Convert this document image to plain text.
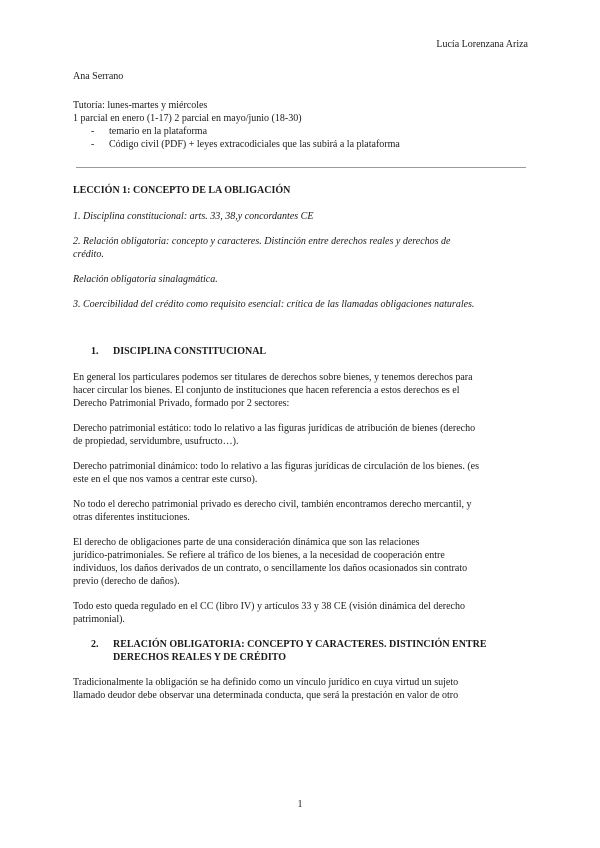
Lucía Lorenzana Ariza

Ana Serrano

Tutoría: lunes-martes y miércoles

1 parcial en enero (1-17) 2 parcial en mayo/junio (18-30)

- temario en la plataforma
- Código civil (PDF) + leyes extracodiciales que las subirá a la plataforma

LECCIÓN 1: CONCEPTO DE LA OBLIGACIÓN

1. Disciplina constitucional: arts. 33, 38,y concordantes CE

2. Relación obligatoria: concepto y caracteres. Distinción entre derechos reales y derechos de
crédito.

Relación obligatoria sinalagmática.

3. Coercibilidad del crédito como requisito esencial: crítica de las llamadas obligaciones naturales.

1.	DISCIPLINA CONSTITUCIONAL

En general los particulares podemos ser titulares de derechos sobre bienes, y tenemos derechos para
hacer circular los bienes. El conjunto de instituciones que hacen referencia a estos derechos es el
Derecho Patrimonial Privado, formado por 2 sectores:

Derecho patrimonial estático: todo lo relativo a las figuras jurídicas de atribución de bienes (derecho
de propiedad, servidumbre, usufructo…).

Derecho patrimonial dinámico: todo lo relativo a las figuras jurídicas de circulación de los bienes. (es
este en el que nos vamos a centrar este curso).

No todo el derecho patrimonial privado es derecho civil, también encontramos derecho mercantil, y
otras diferentes instituciones.

El derecho de obligaciones parte de una consideración dinámica que son las relaciones
jurídico-patrimoniales. Se refiere al tráfico de los bienes, a la necesidad de cooperación entre
individuos, los daños derivados de un contrato, o sencillamente los daños ocasionados sin contrato
previo (derecho de daños).

Todo esto queda regulado en el CC (libro IV) y artículos 33 y 38 CE (visión dinámica del derecho
patrimonial).

2.	RELACIÓN OBLIGATORIA: CONCEPTO Y CARACTERES. DISTINCIÓN ENTRE
DERECHOS REALES Y DE CRÉDITO

Tradicionalmente la obligación se ha definido como un vínculo jurídico en cuya virtud un sujeto
llamado deudor debe observar una determinada conducta, que será la prestación en valor de otro

1
